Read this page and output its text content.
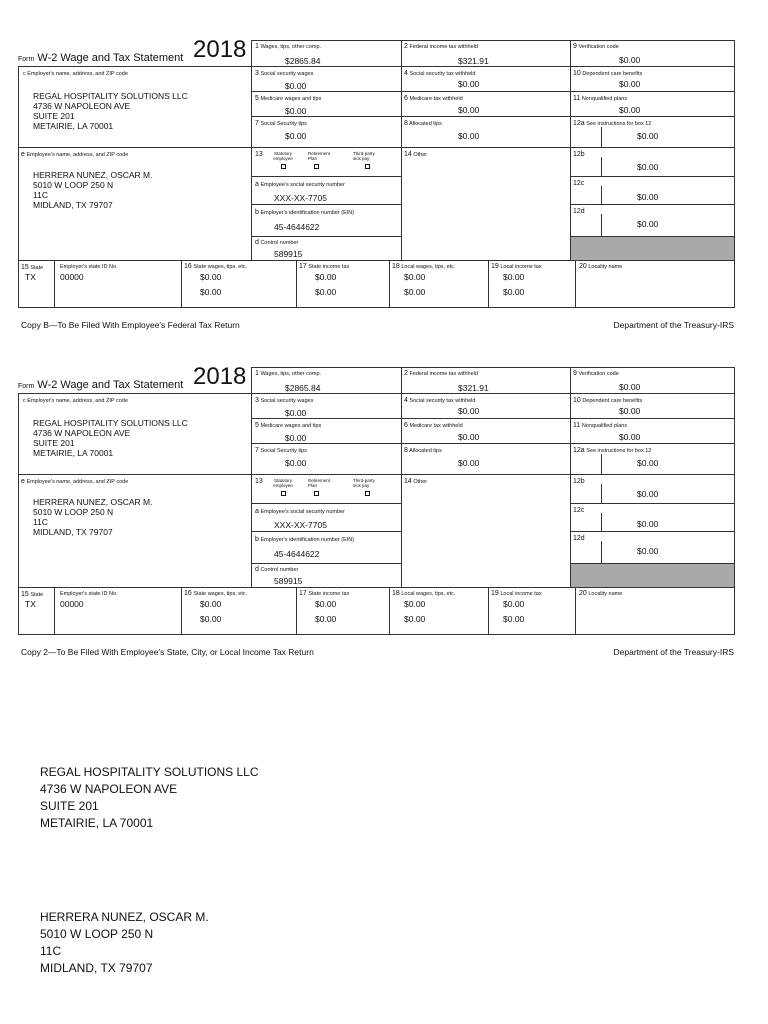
Form W-2 Wage and Tax Statement 2018
c Employer's name, address, and ZIP code
REGAL HOSPITALITY SOLUTIONS LLC
4736 W NAPOLEON AVE
SUITE 201
METAIRIE, LA 70001
e Employee's name, address, and ZIP code
HERRERA NUNEZ, OSCAR M.
5010 W LOOP 250 N
11C
MIDLAND, TX 79707
1 Wages, tips, other comp.
$2865.84
3 Social security wages
$0.00
5 Medicare wages and tips
$0.00
7 Social Security tips
$0.00
13	Statutory employee
Retirement Plan
Third-party sick pay
a Employee's social security number
XXX-XX-7705
b Employer's identification number (EIN)
45-4644622
d Control number
589915
2 Federal income tax withheld
$321.91
4 Social security tax withheld
$0.00
6 Medicare tax withheld
$0.00
8 Allocated tips
$0.00
14 Other
9 Verification code
$0.00
10 Dependent care benefits
$0.00
11 Nonqualified plans
$0.00
12a See instructions for box 12
$0.00
12b
$0.00
12c
$0.00
12d
$0.00
15 State
TX
Employer's state ID No.
00000
16 State wages, tips, etc.
$0.00
$0.00
17 State income tax
$0.00
$0.00
18 Local wages, tips, etc.
$0.00
$0.00
19 Local income tax
$0.00
$0.00
20 Locality name
Copy B—To Be Filed With Employee's Federal Tax Return	Department of the Treasury-IRS
Form W-2 Wage and Tax Statement 2018
c Employer's name, address, and ZIP code
REGAL HOSPITALITY SOLUTIONS LLC
4736 W NAPOLEON AVE
SUITE 201
METAIRIE, LA 70001
e Employee's name, address, and ZIP code
HERRERA NUNEZ, OSCAR M.
5010 W LOOP 250 N
11C
MIDLAND, TX 79707
1 Wages, tips, other comp.
$2865.84
3 Social security wages
$0.00
5 Medicare wages and tips
$0.00
7 Social Security tips
$0.00
13	Statutory employee
Retirement Plan
Third-party sick pay
a Employee's social security number
XXX-XX-7705
b Employer's identification number (EIN)
45-4644622
d Control number
589915
2 Federal income tax withheld
$321.91
4 Social security tax withheld
$0.00
6 Medicare tax withheld
$0.00
8 Allocated tips
$0.00
14 Other
9 Verification code
$0.00
10 Dependent care benefits
$0.00
11 Nonqualified plans
$0.00
12a See instructions for box 12
$0.00
12b
$0.00
12c
$0.00
12d
$0.00
15 State
TX
Employer's state ID No.
00000
16 State wages, tips, etc.
$0.00
$0.00
17 State income tax
$0.00
$0.00
18 Local wages, tips, etc.
$0.00
$0.00
19 Local income tax
$0.00
$0.00
20 Locality name
Copy 2—To Be Filed With Employee's State, City, or Local Income Tax Return	Department of the Treasury-IRS
REGAL HOSPITALITY SOLUTIONS LLC
4736 W NAPOLEON AVE
SUITE 201
METAIRIE, LA 70001
HERRERA NUNEZ, OSCAR M.
5010 W LOOP 250 N
11C
MIDLAND, TX 79707
